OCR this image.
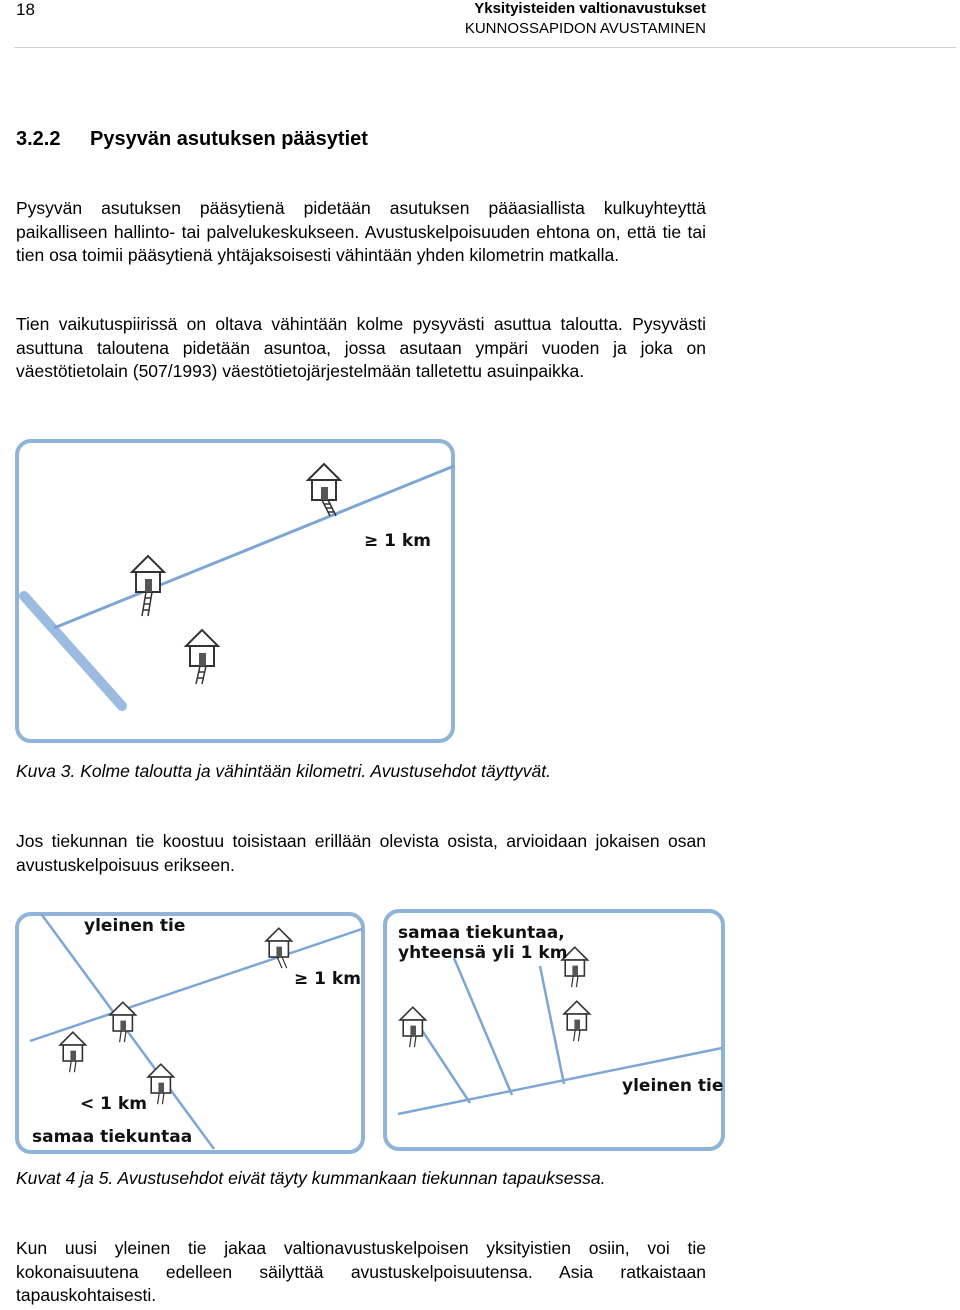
18	Yksityisteiden valtionavustukset
KUNNOSSAPIDON AVUSTAMINEN
3.2.2 Pysyvän asutuksen pääsytiet
Pysyvän asutuksen pääsytienä pidetään asutuksen pääasiallista kulkuyhteyttä paikalliseen hallinto- tai palvelukeskukseen. Avustuskelpoisuuden ehtona on, että tie tai tien osa toimii pääsytienä yhtäjaksoisesti vähintään yhden kilometrin matkalla.
Tien vaikutuspiirissä on oltava vähintään kolme pysyvästi asuttua taloutta. Pysyvästi asuttuna taloutena pidetään asuntoa, jossa asutaan ympäri vuoden ja joka on väestötietolain (507/1993) väestötietojärjestelmään talletettu asuinpaikka.
≥ 1 km
Kuva 3. Kolme taloutta ja vähintään kilometri. Avustusehdot täyttyvät.
Jos tiekunnan tie koostuu toisistaan erillään olevista osista, arvioidaan jokaisen osan avustuskelpoisuus erikseen.
yleinen tie
≥ 1 km
< 1 km
samaa tiekuntaa
samaa tiekuntaa,
yhteensä yli 1 km
yleinen tie
Kuvat 4 ja 5. Avustusehdot eivät täyty kummankaan tiekunnan tapauksessa.
Kun uusi yleinen tie jakaa valtionavustuskelpoisen yksityistien osiin, voi tie kokonaisuutena edelleen säilyttää avustuskelpoisuutensa. Asia ratkaistaan tapauskohtaisesti.
